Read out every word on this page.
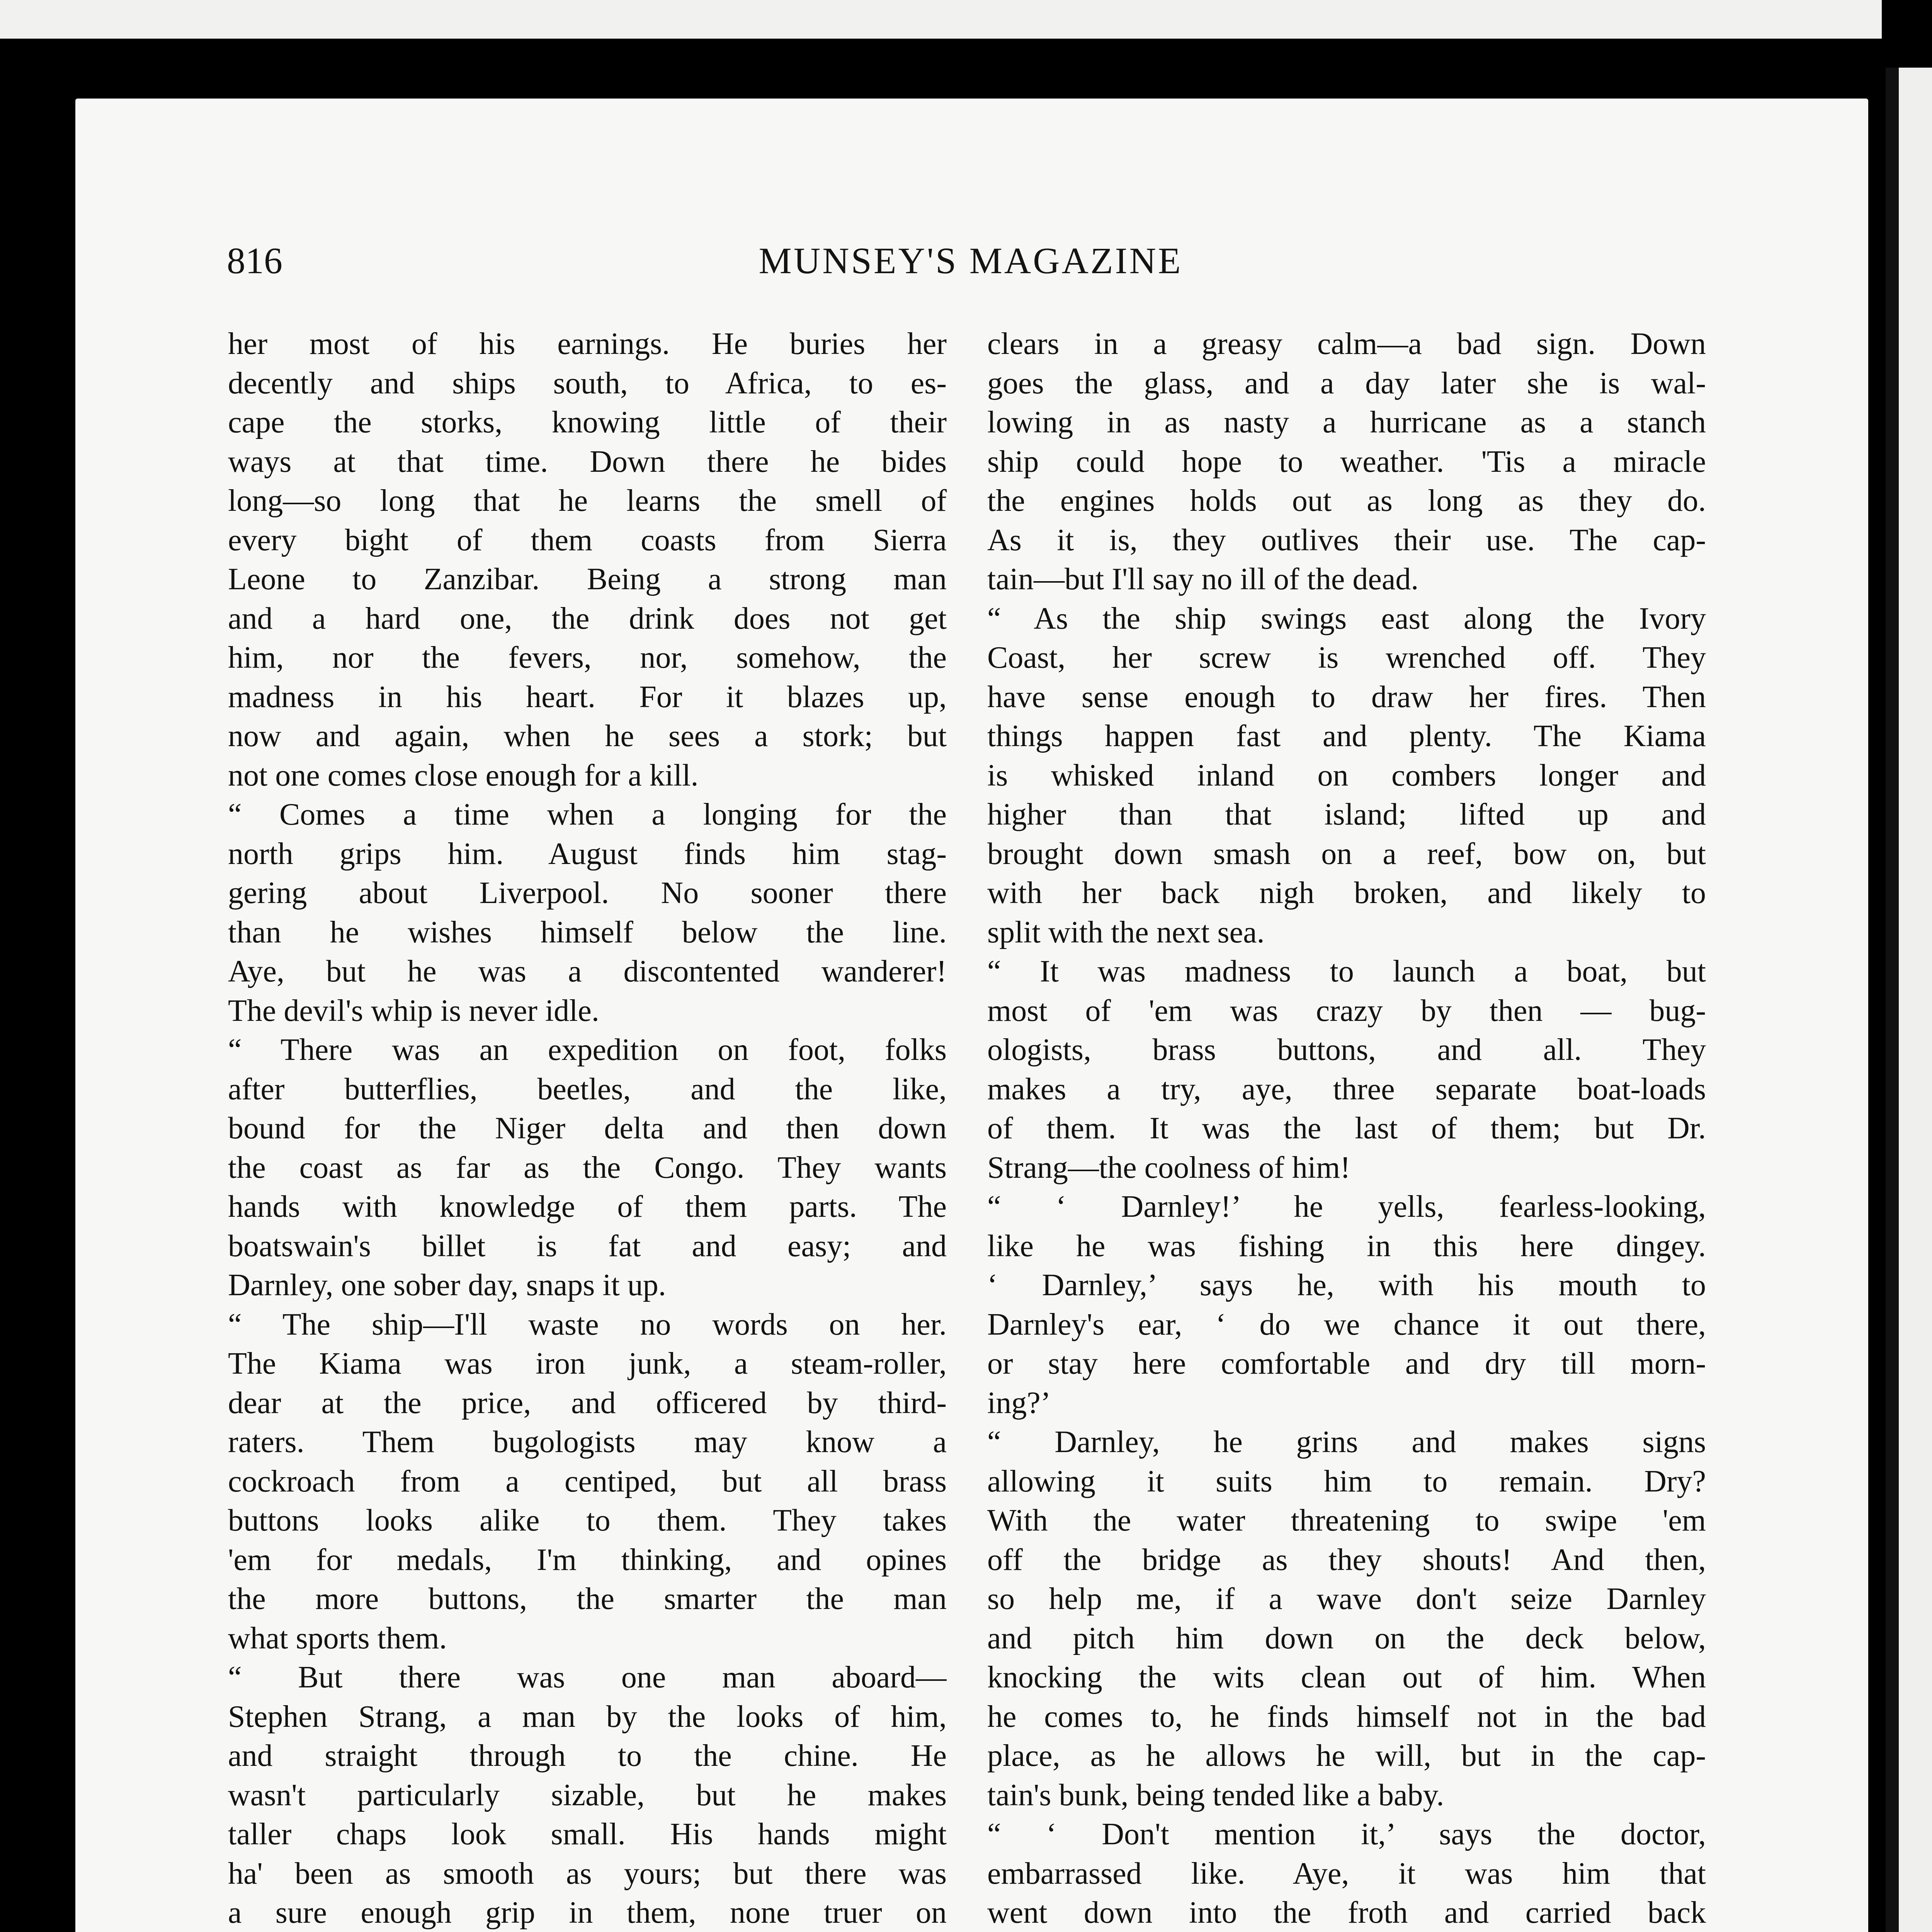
816	MUNSEY'S MAGAZINE
her most of his earnings. He buries her
decently and ships south, to Africa, to es-
cape the storks, knowing little of their
ways at that time. Down there he bides
long—so long that he learns the smell of
every bight of them coasts from Sierra
Leone to Zanzibar. Being a strong man
and a hard one, the drink does not get
him, nor the fevers, nor, somehow, the
madness in his heart. For it blazes up,
now and again, when he sees a stork; but
not one comes close enough for a kill.
“ Comes a time when a longing for the
north grips him. August finds him stag-
gering about Liverpool. No sooner there
than he wishes himself below the line.
Aye, but he was a discontented wanderer!
The devil's whip is never idle.
“ There was an expedition on foot, folks
after butterflies, beetles, and the like,
bound for the Niger delta and then down
the coast as far as the Congo. They wants
hands with knowledge of them parts. The
boatswain's billet is fat and easy; and
Darnley, one sober day, snaps it up.
“ The ship—I'll waste no words on her.
The Kiama was iron junk, a steam-roller,
dear at the price, and officered by third-
raters. Them bugologists may know a
cockroach from a centiped, but all brass
buttons looks alike to them. They takes
'em for medals, I'm thinking, and opines
the more buttons, the smarter the man
what sports them.
“ But there was one man aboard—
Stephen Strang, a man by the looks of him,
and straight through to the chine. He
wasn't particularly sizable, but he makes
taller chaps look small. His hands might
ha' been as smooth as yours; but there was
a sure enough grip in them, none truer on
clears in a greasy calm—a bad sign. Down
goes the glass, and a day later she is wal-
lowing in as nasty a hurricane as a stanch
ship could hope to weather. 'Tis a miracle
the engines holds out as long as they do.
As it is, they outlives their use. The cap-
tain—but I'll say no ill of the dead.
“ As the ship swings east along the Ivory
Coast, her screw is wrenched off. They
have sense enough to draw her fires. Then
things happen fast and plenty. The Kiama
is whisked inland on combers longer and
higher than that island; lifted up and
brought down smash on a reef, bow on, but
with her back nigh broken, and likely to
split with the next sea.
“ It was madness to launch a boat, but
most of 'em was crazy by then — bug-
ologists, brass buttons, and all. They
makes a try, aye, three separate boat-loads
of them. It was the last of them; but Dr.
Strang—the coolness of him!
“ ‘ Darnley!’ he yells, fearless-looking,
like he was fishing in this here dingey.
‘ Darnley,’ says he, with his mouth to
Darnley's ear, ‘ do we chance it out there,
or stay here comfortable and dry till morn-
ing?’
“ Darnley, he grins and makes signs
allowing it suits him to remain. Dry?
With the water threatening to swipe 'em
off the bridge as they shouts! And then,
so help me, if a wave don't seize Darnley
and pitch him down on the deck below,
knocking the wits clean out of him. When
he comes to, he finds himself not in the bad
place, as he allows he will, but in the cap-
tain's bunk, being tended like a baby.
“ ‘ Don't mention it,’ says the doctor,
embarrassed like. Aye, it was him that
went down into the froth and carried back
